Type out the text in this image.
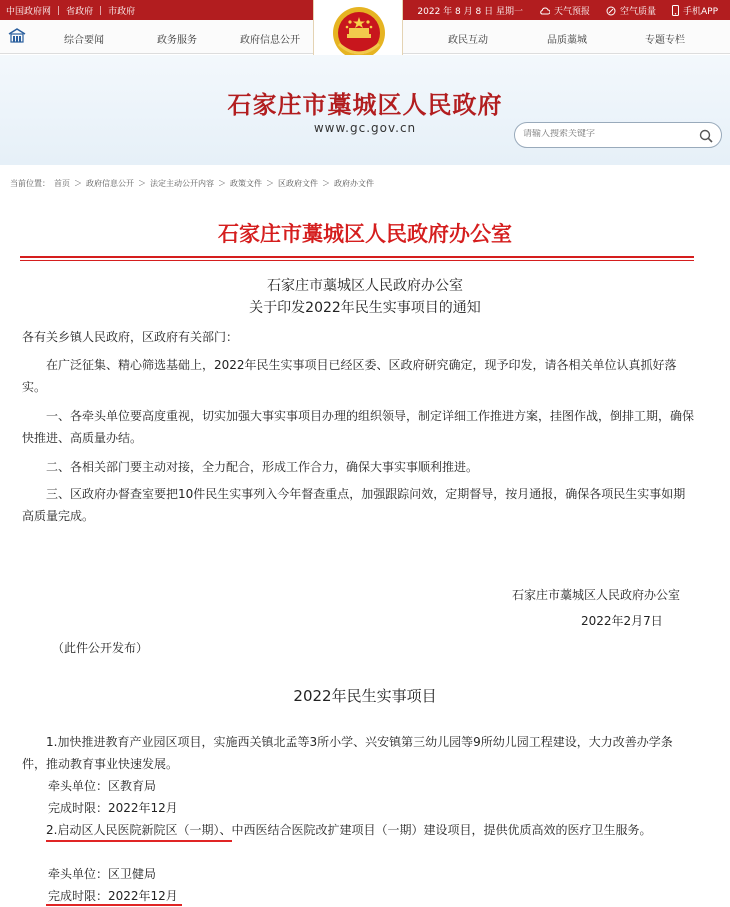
中国政府网 | 省政府 | 市政府	2022 年 8 月 8 日 星期一	天气预报	空气质量	手机APP
综合要闻	政务服务	政府信息公开	政民互动	品质藁城	专题专栏
石家庄市藁城区人民政府
www.gc.gov.cn
请输入搜索关键字
当前位置： 首页 ＞ 政府信息公开 ＞ 法定主动公开内容 ＞ 政策文件 ＞ 区政府文件 ＞ 政府办文件
石家庄市藁城区人民政府办公室
石家庄市藁城区人民政府办公室
关于印发2022年民生实事项目的通知
各有关乡镇人民政府，区政府有关部门：
在广泛征集、精心筛选基础上，2022年民生实事项目已经区委、区政府研究确定，现予印发，请各相关单位认真抓好落实。
一、各牵头单位要高度重视，切实加强大事实事项目办理的组织领导，制定详细工作推进方案，挂图作战，倒排工期，确保快推进、高质量办结。
二、各相关部门要主动对接，全力配合，形成工作合力，确保大事实事顺利推进。
三、区政府办督查室要把10件民生实事列入今年督查重点，加强跟踪问效，定期督导，按月通报，确保各项民生实事如期高质量完成。
石家庄市藁城区人民政府办公室
2022年2月7日
（此件公开发布）
2022年民生实事项目
1.加快推进教育产业园区项目，实施西关镇北孟等3所小学、兴安镇第三幼儿园等9所幼儿园工程建设，大力改善办学条件，推动教育事业快速发展。
牵头单位：区教育局
完成时限：2022年12月
2.启动区人民医院新院区（一期）、中西医结合医院改扩建项目（一期）建设项目，提供优质高效的医疗卫生服务。
牵头单位：区卫健局
完成时限：2022年12月
